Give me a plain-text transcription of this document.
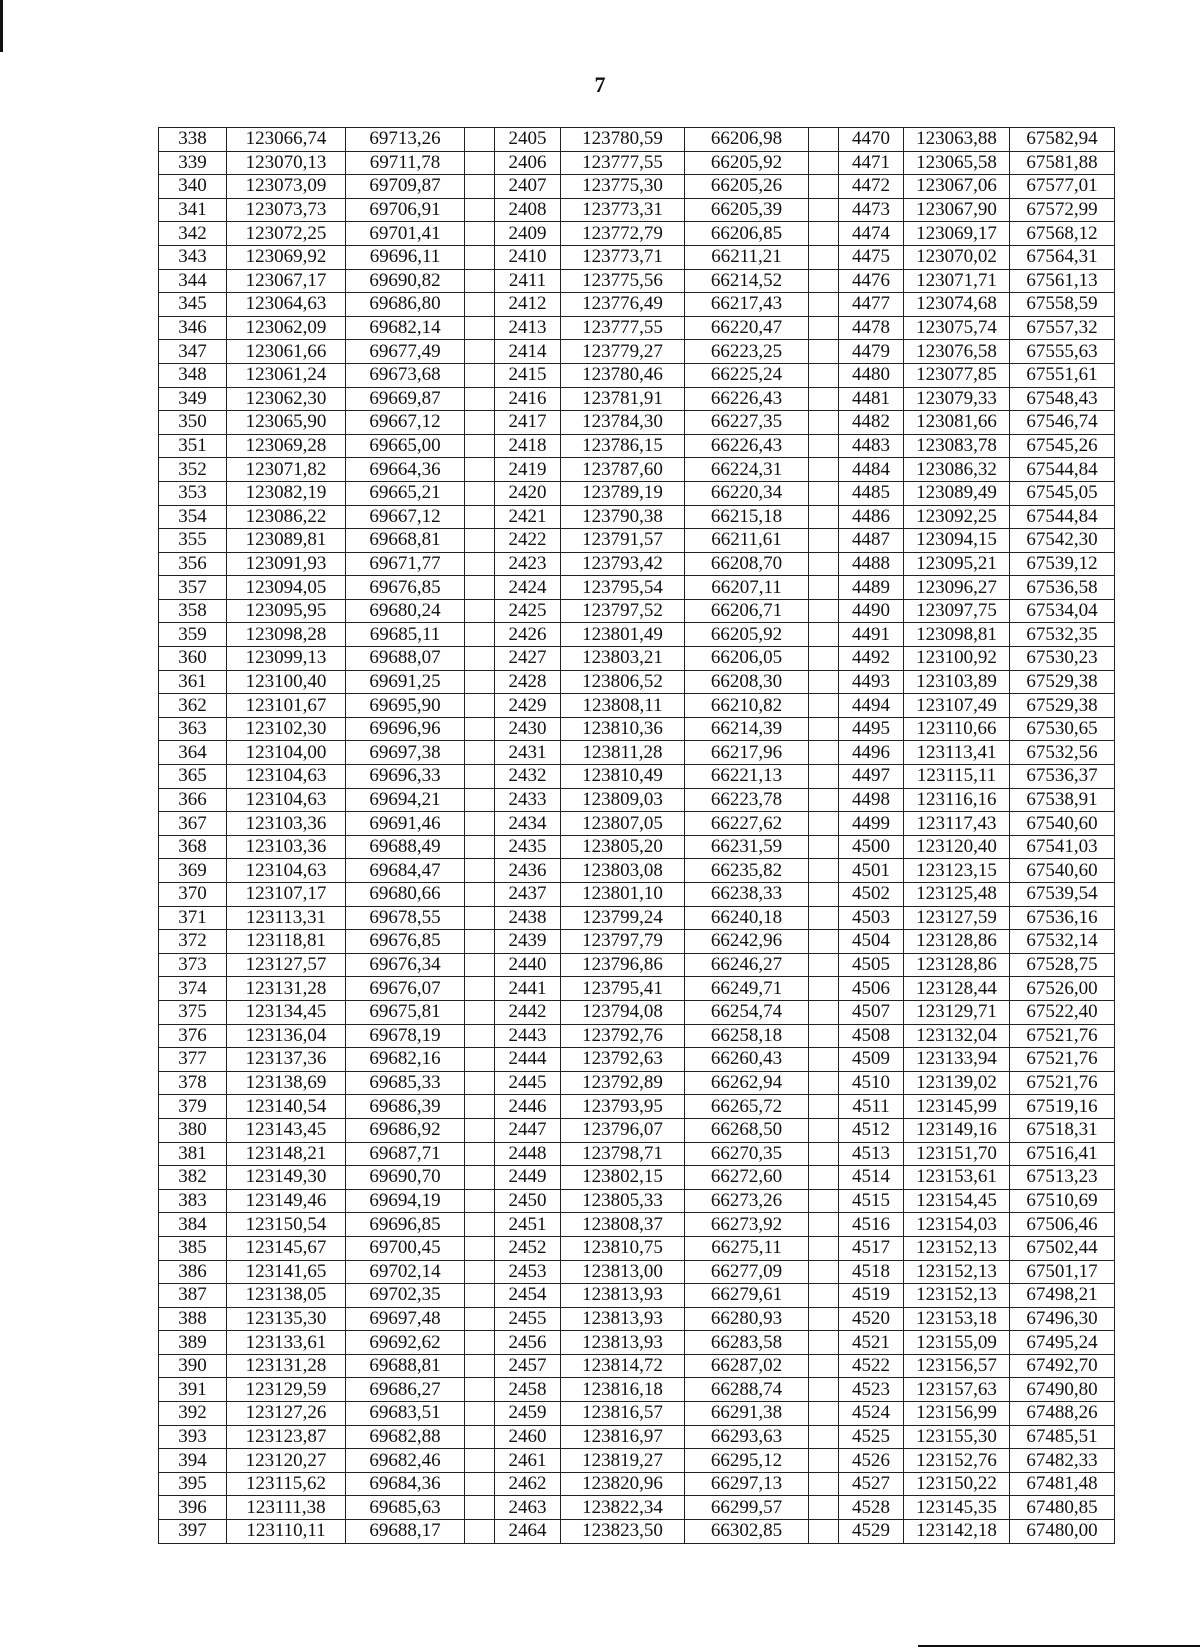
7
338	123066,74	69713,26		2405	123780,59	66206,98		4470	123063,88	67582,94
339	123070,13	69711,78		2406	123777,55	66205,92		4471	123065,58	67581,88
340	123073,09	69709,87		2407	123775,30	66205,26		4472	123067,06	67577,01
341	123073,73	69706,91		2408	123773,31	66205,39		4473	123067,90	67572,99
342	123072,25	69701,41		2409	123772,79	66206,85		4474	123069,17	67568,12
343	123069,92	69696,11		2410	123773,71	66211,21		4475	123070,02	67564,31
344	123067,17	69690,82		2411	123775,56	66214,52		4476	123071,71	67561,13
345	123064,63	69686,80		2412	123776,49	66217,43		4477	123074,68	67558,59
346	123062,09	69682,14		2413	123777,55	66220,47		4478	123075,74	67557,32
347	123061,66	69677,49		2414	123779,27	66223,25		4479	123076,58	67555,63
348	123061,24	69673,68		2415	123780,46	66225,24		4480	123077,85	67551,61
349	123062,30	69669,87		2416	123781,91	66226,43		4481	123079,33	67548,43
350	123065,90	69667,12		2417	123784,30	66227,35		4482	123081,66	67546,74
351	123069,28	69665,00		2418	123786,15	66226,43		4483	123083,78	67545,26
352	123071,82	69664,36		2419	123787,60	66224,31		4484	123086,32	67544,84
353	123082,19	69665,21		2420	123789,19	66220,34		4485	123089,49	67545,05
354	123086,22	69667,12		2421	123790,38	66215,18		4486	123092,25	67544,84
355	123089,81	69668,81		2422	123791,57	66211,61		4487	123094,15	67542,30
356	123091,93	69671,77		2423	123793,42	66208,70		4488	123095,21	67539,12
357	123094,05	69676,85		2424	123795,54	66207,11		4489	123096,27	67536,58
358	123095,95	69680,24		2425	123797,52	66206,71		4490	123097,75	67534,04
359	123098,28	69685,11		2426	123801,49	66205,92		4491	123098,81	67532,35
360	123099,13	69688,07		2427	123803,21	66206,05		4492	123100,92	67530,23
361	123100,40	69691,25		2428	123806,52	66208,30		4493	123103,89	67529,38
362	123101,67	69695,90		2429	123808,11	66210,82		4494	123107,49	67529,38
363	123102,30	69696,96		2430	123810,36	66214,39		4495	123110,66	67530,65
364	123104,00	69697,38		2431	123811,28	66217,96		4496	123113,41	67532,56
365	123104,63	69696,33		2432	123810,49	66221,13		4497	123115,11	67536,37
366	123104,63	69694,21		2433	123809,03	66223,78		4498	123116,16	67538,91
367	123103,36	69691,46		2434	123807,05	66227,62		4499	123117,43	67540,60
368	123103,36	69688,49		2435	123805,20	66231,59		4500	123120,40	67541,03
369	123104,63	69684,47		2436	123803,08	66235,82		4501	123123,15	67540,60
370	123107,17	69680,66		2437	123801,10	66238,33		4502	123125,48	67539,54
371	123113,31	69678,55		2438	123799,24	66240,18		4503	123127,59	67536,16
372	123118,81	69676,85		2439	123797,79	66242,96		4504	123128,86	67532,14
373	123127,57	69676,34		2440	123796,86	66246,27		4505	123128,86	67528,75
374	123131,28	69676,07		2441	123795,41	66249,71		4506	123128,44	67526,00
375	123134,45	69675,81		2442	123794,08	66254,74		4507	123129,71	67522,40
376	123136,04	69678,19		2443	123792,76	66258,18		4508	123132,04	67521,76
377	123137,36	69682,16		2444	123792,63	66260,43		4509	123133,94	67521,76
378	123138,69	69685,33		2445	123792,89	66262,94		4510	123139,02	67521,76
379	123140,54	69686,39		2446	123793,95	66265,72		4511	123145,99	67519,16
380	123143,45	69686,92		2447	123796,07	66268,50		4512	123149,16	67518,31
381	123148,21	69687,71		2448	123798,71	66270,35		4513	123151,70	67516,41
382	123149,30	69690,70		2449	123802,15	66272,60		4514	123153,61	67513,23
383	123149,46	69694,19		2450	123805,33	66273,26		4515	123154,45	67510,69
384	123150,54	69696,85		2451	123808,37	66273,92		4516	123154,03	67506,46
385	123145,67	69700,45		2452	123810,75	66275,11		4517	123152,13	67502,44
386	123141,65	69702,14		2453	123813,00	66277,09		4518	123152,13	67501,17
387	123138,05	69702,35		2454	123813,93	66279,61		4519	123152,13	67498,21
388	123135,30	69697,48		2455	123813,93	66280,93		4520	123153,18	67496,30
389	123133,61	69692,62		2456	123813,93	66283,58		4521	123155,09	67495,24
390	123131,28	69688,81		2457	123814,72	66287,02		4522	123156,57	67492,70
391	123129,59	69686,27		2458	123816,18	66288,74		4523	123157,63	67490,80
392	123127,26	69683,51		2459	123816,57	66291,38		4524	123156,99	67488,26
393	123123,87	69682,88		2460	123816,97	66293,63		4525	123155,30	67485,51
394	123120,27	69682,46		2461	123819,27	66295,12		4526	123152,76	67482,33
395	123115,62	69684,36		2462	123820,96	66297,13		4527	123150,22	67481,48
396	123111,38	69685,63		2463	123822,34	66299,57		4528	123145,35	67480,85
397	123110,11	69688,17		2464	123823,50	66302,85		4529	123142,18	67480,00
